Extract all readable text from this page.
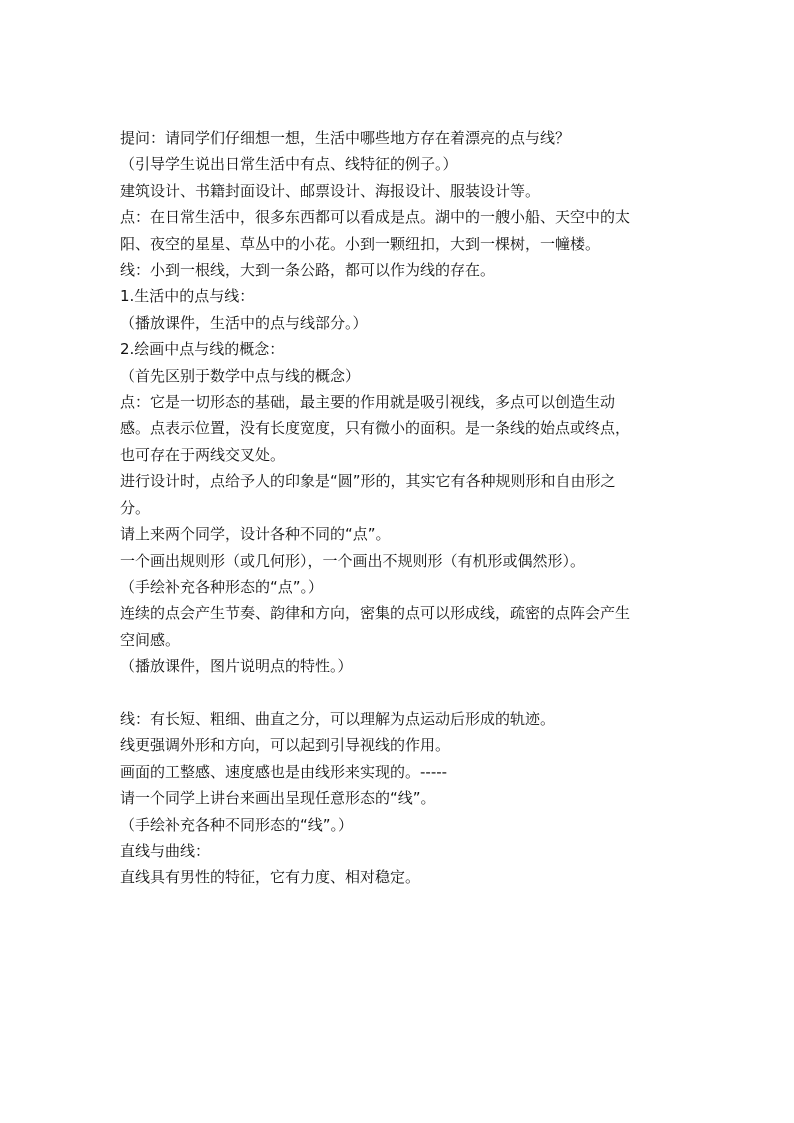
提问：请同学们仔细想一想，生活中哪些地方存在着漂亮的点与线？

（引导学生说出日常生活中有点、线特征的例子。）

建筑设计、书籍封面设计、邮票设计、海报设计、服装设计等。

点：在日常生活中，很多东西都可以看成是点。湖中的一艘小船、天空中的太

阳、夜空的星星、草丛中的小花。小到一颗纽扣，大到一棵树，一幢楼。

线：小到一根线，大到一条公路，都可以作为线的存在。

1.生活中的点与线：

（播放课件，生活中的点与线部分。）

2.绘画中点与线的概念：

（首先区别于数学中点与线的概念）

点：它是一切形态的基础，最主要的作用就是吸引视线，多点可以创造生动

感。点表示位置，没有长度宽度，只有微小的面积。是一条线的始点或终点，

也可存在于两线交叉处。

进行设计时，点给予人的印象是“圆”形的，其实它有各种规则形和自由形之

分。

请上来两个同学，设计各种不同的“点”。

一个画出规则形（或几何形），一个画出不规则形（有机形或偶然形）。

（手绘补充各种形态的“点”。）

连续的点会产生节奏、韵律和方向，密集的点可以形成线，疏密的点阵会产生

空间感。

（播放课件，图片说明点的特性。）

线：有长短、粗细、曲直之分，可以理解为点运动后形成的轨迹。

线更强调外形和方向，可以起到引导视线的作用。

画面的工整感、速度感也是由线形来实现的。-----

请一个同学上讲台来画出呈现任意形态的“线”。

（手绘补充各种不同形态的“线”。）

直线与曲线：

直线具有男性的特征，它有力度、相对稳定。
